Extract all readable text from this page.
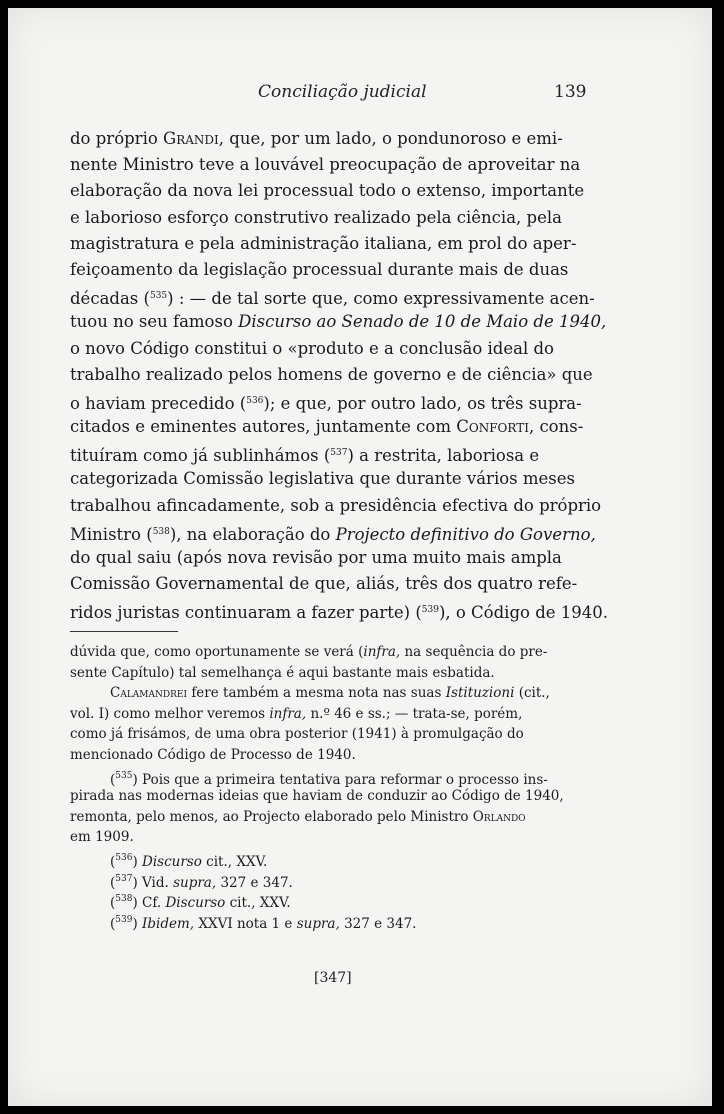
Conciliação judicial	139
do próprio Grandi, que, por um lado, o pondunoroso e emi-
nente Ministro teve a louvável preocupação de aproveitar na
elaboração da nova lei processual todo o extenso, importante
e laborioso esforço construtivo realizado pela ciência, pela
magistratura e pela administração italiana, em prol do aper-
feiçoamento da legislação processual durante mais de duas
décadas ($^{535}$) : — de tal sorte que, como expressivamente acen-
tuou no seu famoso Discurso ao Senado de 10 de Maio de 1940,
o novo Código constitui o «produto e a conclusão ideal do
trabalho realizado pelos homens de governo e de ciência» que
o haviam precedido ($^{536}$); e que, por outro lado, os três supra-
citados e eminentes autores, juntamente com Conforti, cons-
tituíram como já sublinhámos ($^{537}$) a restrita, laboriosa e
categorizada Comissão legislativa que durante vários meses
trabalhou afincadamente, sob a presidência efectiva do próprio
Ministro ($^{538}$), na elaboração do Projecto definitivo do Governo,
do qual saiu (após nova revisão por uma muito mais ampla
Comissão Governamental de que, aliás, três dos quatro refe-
ridos juristas continuaram a fazer parte) ($^{539}$), o Código de 1940.
dúvida que, como oportunamente se verá (infra, na sequência do pre-
sente Capítulo) tal semelhança é aqui bastante mais esbatida.
Calamandrei fere também a mesma nota nas suas Istituzioni (cit.,
vol. I) como melhor veremos infra, n.º 46 e ss.; — trata-se, porém,
como já frisámos, de uma obra posterior (1941) à promulgação do
mencionado Código de Processo de 1940.
($^{535}$) Pois que a primeira tentativa para reformar o processo ins-
pirada nas modernas ideias que haviam de conduzir ao Código de 1940,
remonta, pelo menos, ao Projecto elaborado pelo Ministro Orlando
em 1909.
($^{536}$) Discurso cit., XXV.
($^{537}$) Vid. supra, 327 e 347.
($^{538}$) Cf. Discurso cit., XXV.
($^{539}$) Ibidem, XXVI nota 1 e supra, 327 e 347.
[347]
